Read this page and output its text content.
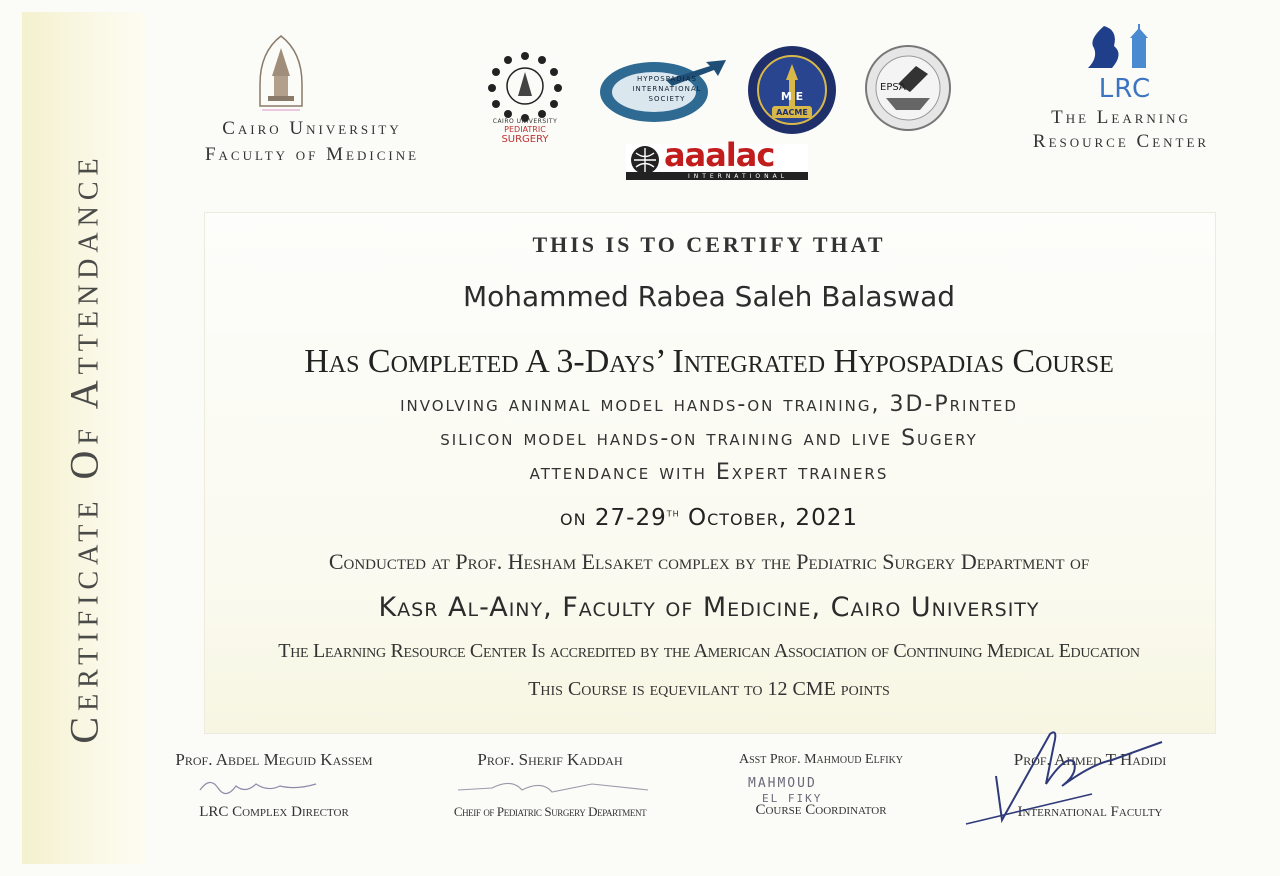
Certificate Of Attendance
Cairo University
Faculty of Medicine
CAIRO UNIVERSITY
PEDIATRIC
SURGERY
HYPOSPADIAS
INTERNATIONAL
SOCIETY	M E
AACME
EPSA
aaalac
INTERNATIONAL
LRC
The Learning
Resource Center
THIS IS TO CERTIFY THAT
Mohammed Rabea Saleh Balaswad
Has Completed A 3-Days’ Integrated Hypospadias Course
involving aninmal model hands-on training, 3D-Printed
silicon model hands-on training and live Sugery
attendance with Expert trainers
on 27-29th October, 2021
Conducted at Prof. Hesham Elsaket complex by the Pediatric Surgery Department of
Kasr Al-Ainy, Faculty of Medicine, Cairo University
The Learning Resource Center Is accredited by the American Association of Continuing Medical Education
This Course is equevilant to 12 CME points
Prof. Abdel Meguid Kassem
LRC Complex Director
Prof. Sherif Kaddah
Cheif of Pediatric Surgery Department
Asst Prof. Mahmoud Elfiky
Course Coordinator
MAHMOUD
EL FIKY
Prof. Ahmed T Hadidi
International Faculty
